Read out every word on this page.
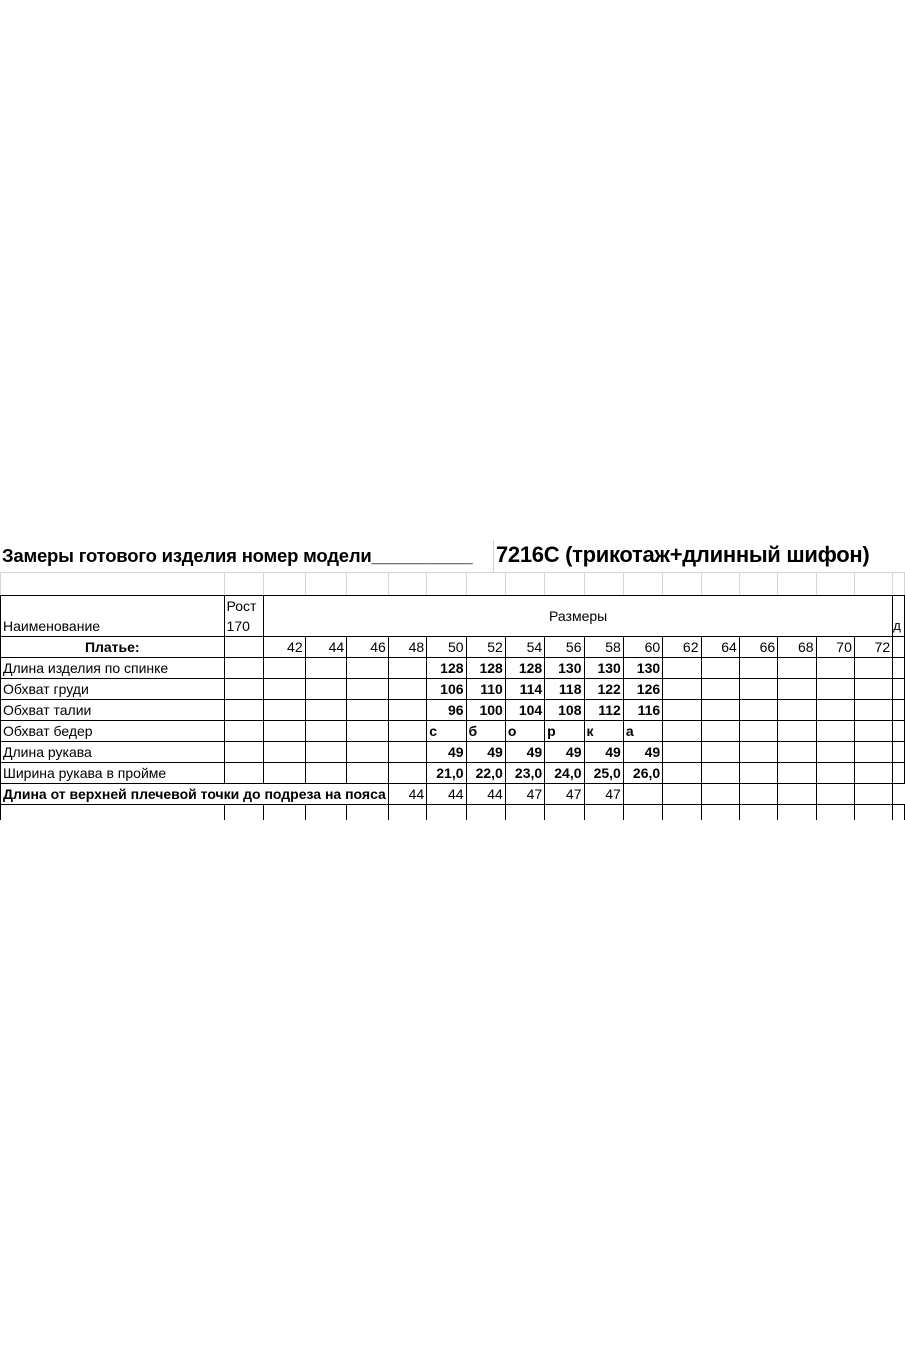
Замеры готового изделия номер модели__________ 7216С (трикотаж+длинный шифон)

Наименование	Рост
170	Размеры																д
Платье:		42	44	46	48	50	52	54	56	58	60	62	64	66	68	70	72	
Длина изделия по спинке						128	128	128	130	130	130							
Обхват груди						106	110	114	118	122	126							
Обхват талии						96	100	104	108	112	116							
Обхват бедер						с	б	о	р	к	а							
Длина рукава						49	49	49	49	49	49							
Ширина рукава в пройме						21,0	22,0	23,0	24,0	25,0	26,0							
Длина от верхней плечевой точки до подреза на пояса					44	44	44	47	47	47								
